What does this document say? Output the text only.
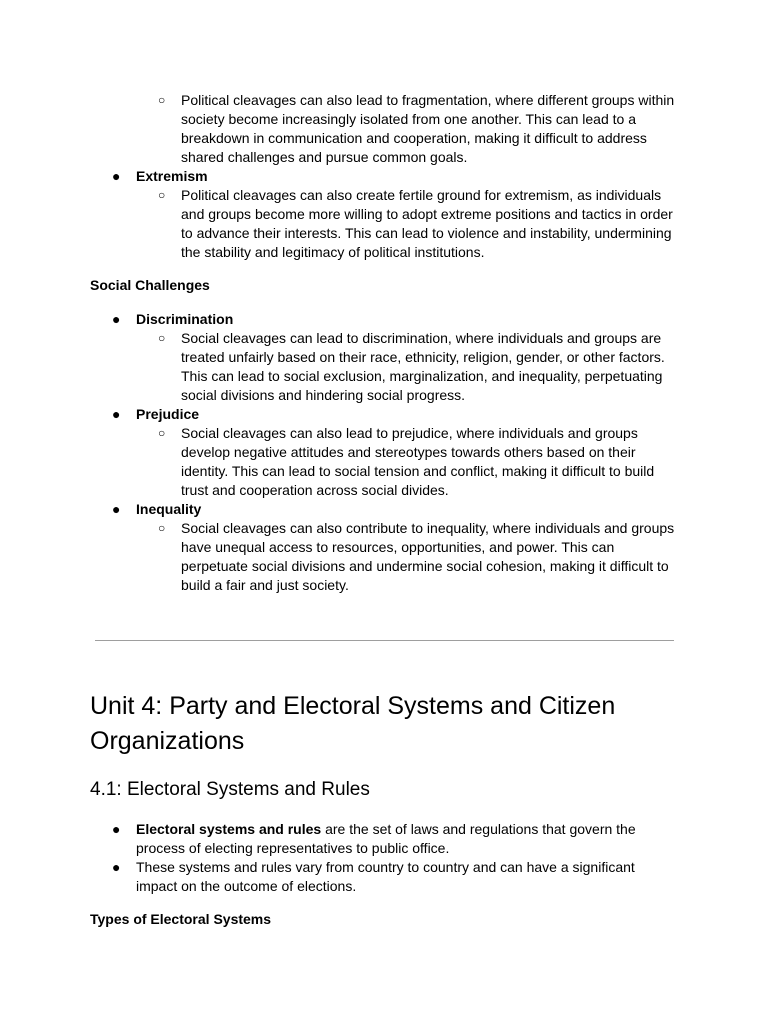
○ Political cleavages can also lead to fragmentation, where different groups within society become increasingly isolated from one another. This can lead to a breakdown in communication and cooperation, making it difficult to address shared challenges and pursue common goals.

● Extremism

○ Political cleavages can also create fertile ground for extremism, as individuals and groups become more willing to adopt extreme positions and tactics in order to advance their interests. This can lead to violence and instability, undermining the stability and legitimacy of political institutions.

Social Challenges

● Discrimination

○ Social cleavages can lead to discrimination, where individuals and groups are treated unfairly based on their race, ethnicity, religion, gender, or other factors. This can lead to social exclusion, marginalization, and inequality, perpetuating social divisions and hindering social progress.

● Prejudice

○ Social cleavages can also lead to prejudice, where individuals and groups develop negative attitudes and stereotypes towards others based on their identity. This can lead to social tension and conflict, making it difficult to build trust and cooperation across social divides.

● Inequality

○ Social cleavages can also contribute to inequality, where individuals and groups have unequal access to resources, opportunities, and power. This can perpetuate social divisions and undermine social cohesion, making it difficult to build a fair and just society.

Unit 4: Party and Electoral Systems and Citizen Organizations
4.1: Electoral Systems and Rules

● Electoral systems and rules are the set of laws and regulations that govern the process of electing representatives to public office.

● These systems and rules vary from country to country and can have a significant impact on the outcome of elections.

Types of Electoral Systems
